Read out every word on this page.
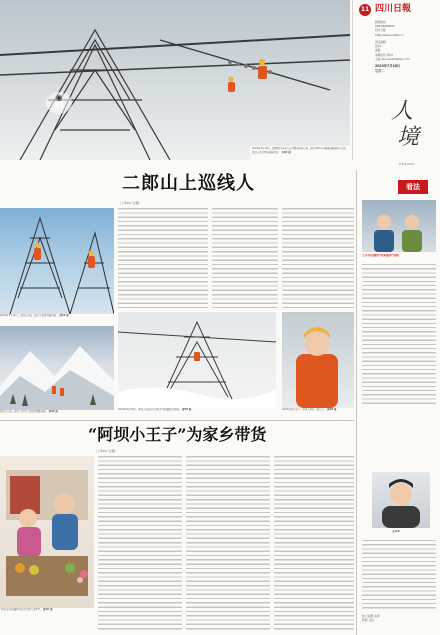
◉
视界
2023年5月15日，国网四川省电力公司雅安供电公司二郎山500千伏输电线路检修人员在铁塔上进行带电检修作业。 吴XX 摄
11 四川日報
新闻热线
028-86968052
四川日报
http://www.scdaily.cn
责任编辑
张XX
美编
本期校对 李XX
主编 zhouxia152@qq.com
2023年7月18日
星期二
人
境
RENJING
看法
二郎山上巡线人
□ 李XX 文/图
2023年7月11日，巡线人员在二郎山上检查线路设备。 唐XX 摄
巡线人员在二郎山大雪中行走检查线路设备。 唐XX 摄
2023年6月20日，巡线人员在冰天雪地中对线路进行检修。 唐XX 摄	2023年春节前夕，巡线人员在二郎山上。 唐XX 摄
王小川在她的“驻家服务”团队
王XX
热门话题 法律
新闻 关注
“阿坝小王子”为家乡带货
□ 李XX 文/图
王X在家乡直播间为家乡农特产品带货。 唐XX 摄
